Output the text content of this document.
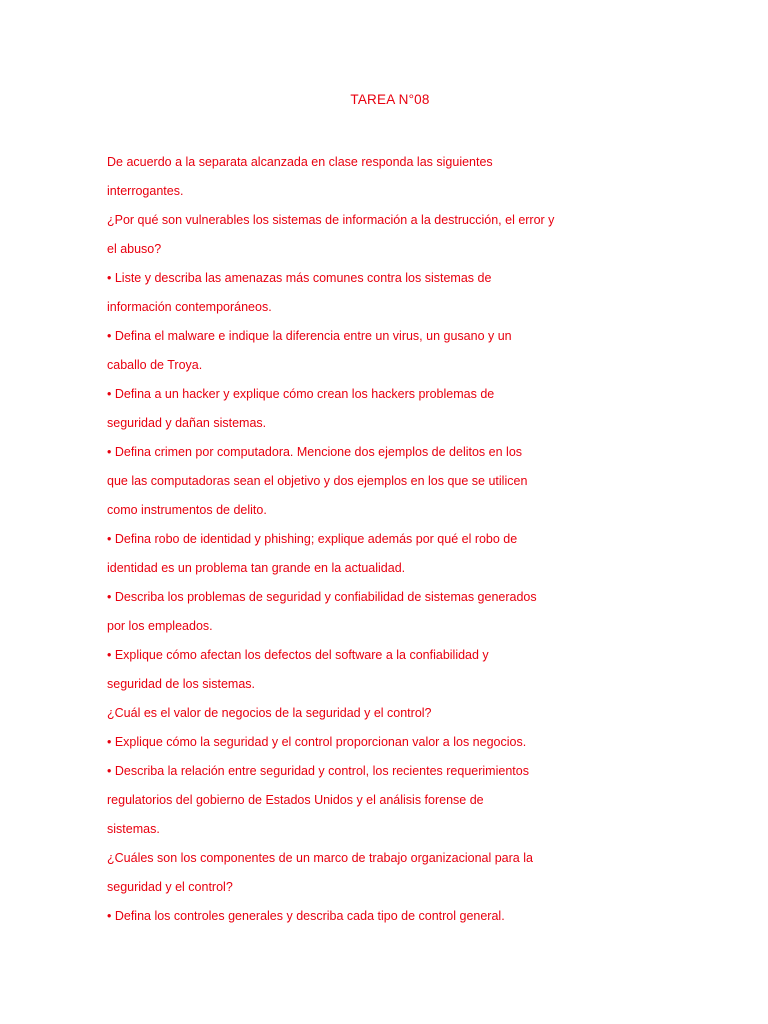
TAREA N°08
De acuerdo a la separata alcanzada en clase responda las siguientes
interrogantes.
¿Por qué son vulnerables los sistemas de información a la destrucción, el error y
el abuso?
• Liste y describa las amenazas más comunes contra los sistemas de
información contemporáneos.
• Defina el malware e indique la diferencia entre un virus, un gusano y un
caballo de Troya.
• Defina a un hacker y explique cómo crean los hackers problemas de
seguridad y dañan sistemas.
• Defina crimen por computadora. Mencione dos ejemplos de delitos en los
que las computadoras sean el objetivo y dos ejemplos en los que se utilicen
como instrumentos de delito.
• Defina robo de identidad y phishing; explique además por qué el robo de
identidad es un problema tan grande en la actualidad.
• Describa los problemas de seguridad y confiabilidad de sistemas generados
por los empleados.
• Explique cómo afectan los defectos del software a la confiabilidad y
seguridad de los sistemas.
¿Cuál es el valor de negocios de la seguridad y el control?
• Explique cómo la seguridad y el control proporcionan valor a los negocios.
• Describa la relación entre seguridad y control, los recientes requerimientos
regulatorios del gobierno de Estados Unidos y el análisis forense de
sistemas.
¿Cuáles son los componentes de un marco de trabajo organizacional para la
seguridad y el control?
• Defina los controles generales y describa cada tipo de control general.
